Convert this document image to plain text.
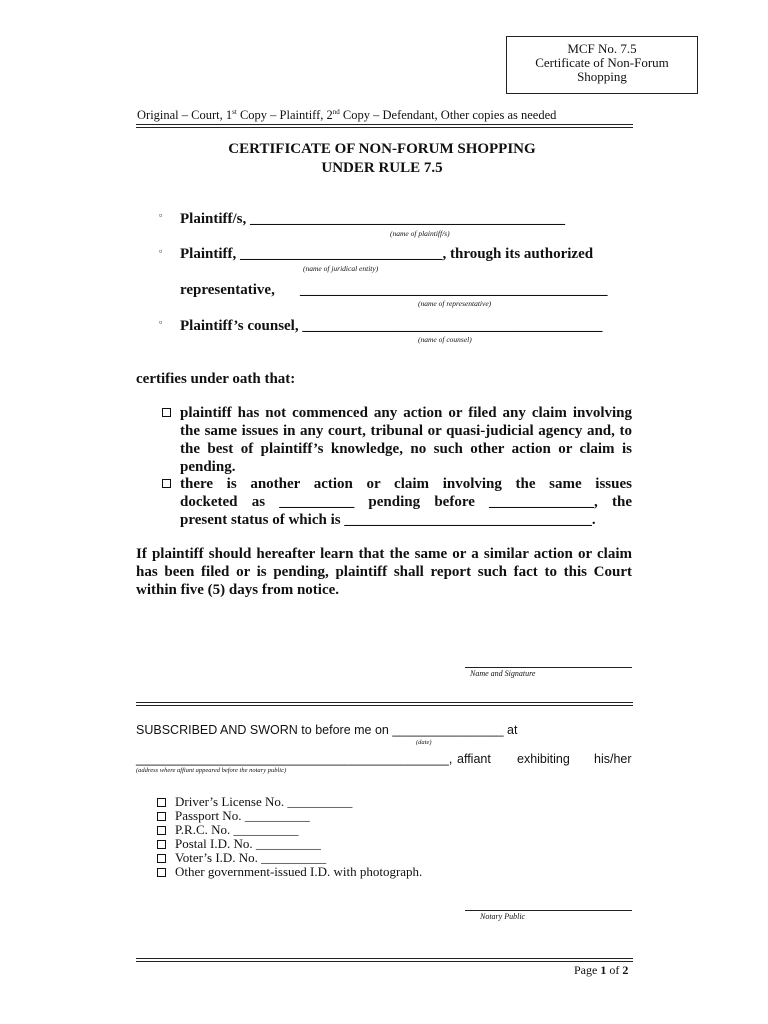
MCF No. 7.5
Certificate of Non-Forum
Shopping
Original – Court, 1st Copy – Plaintiff, 2nd Copy – Defendant, Other copies as needed
CERTIFICATE OF NON-FORUM SHOPPING
UNDER RULE 7.5
▫ Plaintiff/s, __________________________________________
(name of plaintiff/s)
▫ Plaintiff, ___________________________, through its authorized
(name of juridical entity)
representative, _________________________________________
(name of representative)
▫ Plaintiff’s counsel, ________________________________________
(name of counsel)
certifies under oath that:
plaintiff has not commenced any action or filed any claim involving the same issues in any court, tribunal or quasi-judicial agency and, to the best of plaintiff’s knowledge, no such other action or claim is pending.
there is another action or claim involving the same issues
docketed as __________ pending before ______________, the
present status of which is _________________________________.
If plaintiff should hereafter learn that the same or a similar action or claim has been filed or is pending, plaintiff shall report such fact to this Court within five (5) days from notice.
Name and Signature
SUBSCRIBED AND SWORN to before me on ________________ at
(date)
_____________________________________________, affiant exhibiting his/her
(address where affiant appeared before the notary public)
Driver’s License No. __________
Passport No. __________
P.R.C. No. __________
Postal I.D. No. __________
Voter’s I.D. No. __________
Other government-issued I.D. with photograph.
Notary Public
Page 1 of 2
